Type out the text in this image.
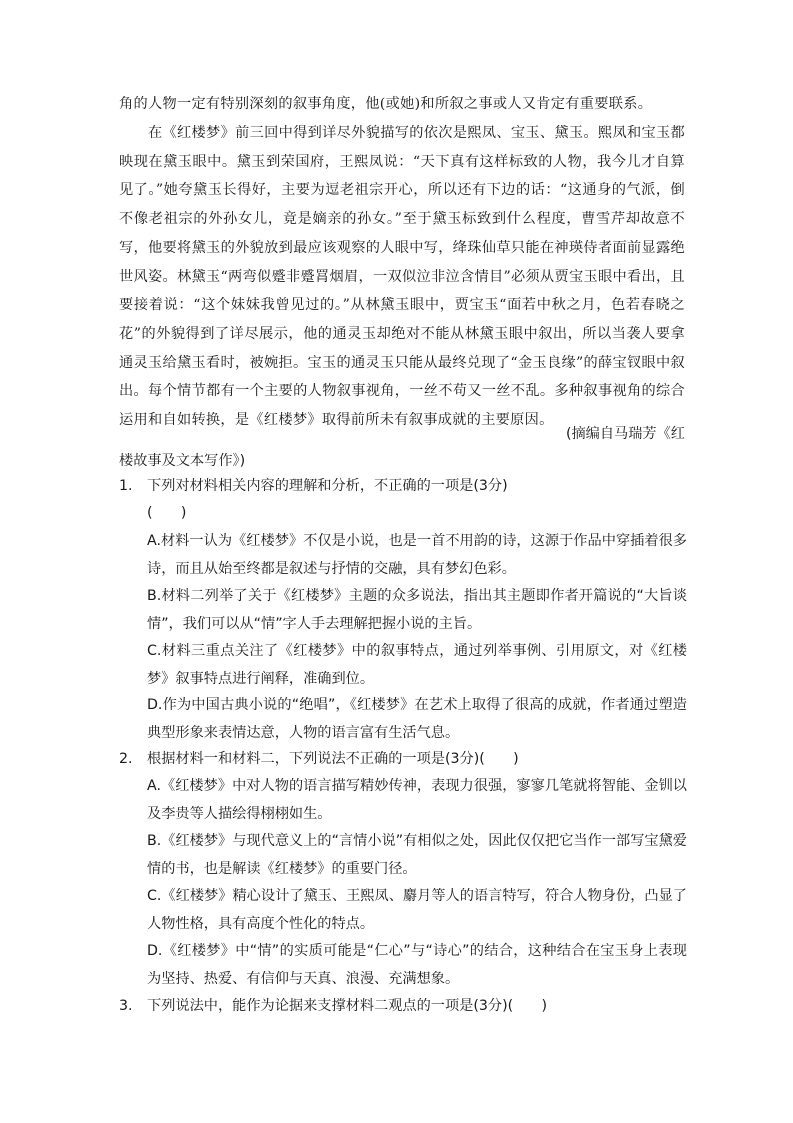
角的人物一定有特别深刻的叙事角度，他(或她)和所叙之事或人又肯定有重要联系。

在《红楼梦》前三回中得到详尽外貌描写的依次是熙凤、宝玉、黛玉。熙凤和宝玉都映现在黛玉眼中。黛玉到荣国府，王熙凤说：“天下真有这样标致的人物，我今儿才自算见了。”她夸黛玉长得好，主要为逗老祖宗开心，所以还有下边的话：“这通身的气派，倒不像老祖宗的外孙女儿，竟是嫡亲的孙女。”至于黛玉标致到什么程度，曹雪芹却故意不写，他要将黛玉的外貌放到最应该观察的人眼中写，绛珠仙草只能在神瑛侍者面前显露绝世风姿。林黛玉“两弯似蹙非蹙罥烟眉，一双似泣非泣含情目”必须从贾宝玉眼中看出，且要接着说：“这个妹妹我曾见过的。”从林黛玉眼中，贾宝玉“面若中秋之月，色若春晓之花”的外貌得到了详尽展示，他的通灵玉却绝对不能从林黛玉眼中叙出，所以当袭人要拿通灵玉给黛玉看时，被婉拒。宝玉的通灵玉只能从最终兑现了“金玉良缘”的薛宝钗眼中叙出。每个情节都有一个主要的人物叙事视角，一丝不苟又一丝不乱。多种叙事视角的综合运用和自如转换，是《红楼梦》取得前所未有叙事成就的主要原因。

(摘编自马瑞芳《红
楼故事及文本写作》)
1. 下列对材料相关内容的理解和分析，不正确的一项是(3分)
(　　)

A.材料一认为《红楼梦》不仅是小说，也是一首不用韵的诗，这源于作品中穿插着很多诗，而且从始至终都是叙述与抒情的交融，具有梦幻色彩。

B.材料二列举了关于《红楼梦》主题的众多说法，指出其主题即作者开篇说的“大旨谈情”，我们可以从“情”字人手去理解把握小说的主旨。

C.材料三重点关注了《红楼梦》中的叙事特点，通过列举事例、引用原文，对《红楼梦》叙事特点进行阐释，准确到位。

D.作为中国古典小说的“绝唱”，《红楼梦》在艺术上取得了很高的成就，作者通过塑造典型形象来表情达意，人物的语言富有生活气息。

2. 根据材料一和材料二，下列说法不正确的一项是(3分)(　　)

A.《红楼梦》中对人物的语言描写精妙传神，表现力很强，寥寥几笔就将智能、金钏以及李贵等人描绘得栩栩如生。

B.《红楼梦》与现代意义上的“言情小说”有相似之处，因此仅仅把它当作一部写宝黛爱情的书，也是解读《红楼梦》的重要门径。

C.《红楼梦》精心设计了黛玉、王熙凤、麝月等人的语言特写，符合人物身份，凸显了人物性格，具有高度个性化的特点。

D.《红楼梦》中“情”的实质可能是“仁心”与“诗心”的结合，这种结合在宝玉身上表现为坚持、热爱、有信仰与天真、浪漫、充满想象。

3. 下列说法中，能作为论据来支撑材料二观点的一项是(3分)(　　)
